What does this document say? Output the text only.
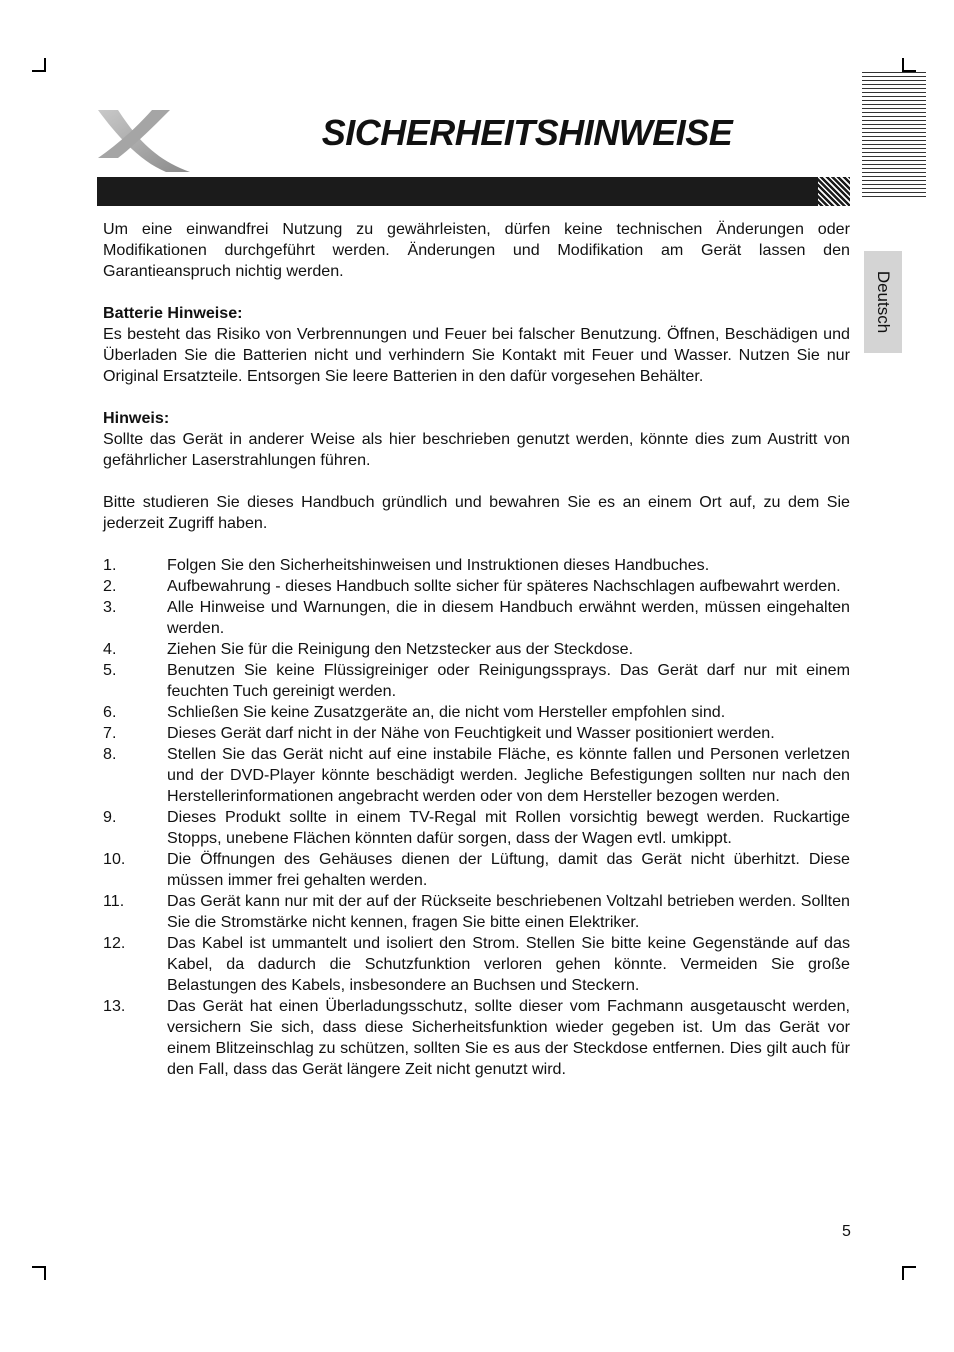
SICHERHEITSHINWEISE
Deutsch

Um eine einwandfrei Nutzung zu gewährleisten, dürfen keine technischen Änderungen oder Modifikationen durchgeführt werden. Änderungen und Modifikation am Gerät lassen den Garantieanspruch nichtig werden.

Batterie Hinweise:

Es besteht das Risiko von Verbrennungen und Feuer bei falscher Benutzung. Öffnen, Beschädigen und Überladen Sie die Batterien nicht und verhindern Sie Kontakt mit Feuer und Wasser. Nutzen Sie nur Original Ersatzteile. Entsorgen Sie leere Batterien in den dafür vorgesehen Behälter.

Hinweis:

Sollte das Gerät in anderer Weise als hier beschrieben genutzt werden, könnte dies zum Austritt von gefährlicher Laserstrahlungen führen.

Bitte studieren Sie dieses Handbuch gründlich und bewahren Sie es an einem Ort auf, zu dem Sie jederzeit Zugriff haben.

1.	Folgen Sie den Sicherheitshinweisen und Instruktionen dieses Handbuches.
2.	Aufbewahrung - dieses Handbuch sollte sicher für späteres Nachschlagen aufbewahrt werden.
3.	Alle Hinweise und Warnungen, die in diesem Handbuch erwähnt werden, müssen eingehalten werden.
4.	Ziehen Sie für die Reinigung den Netzstecker aus der Steckdose.
5.	Benutzen Sie keine Flüssigreiniger oder Reinigungssprays. Das Gerät darf nur mit einem feuchten Tuch gereinigt werden.
6.	Schließen Sie keine Zusatzgeräte an, die nicht vom Hersteller empfohlen sind.
7.	Dieses Gerät darf nicht in der Nähe von Feuchtigkeit und Wasser positioniert werden.
8.	Stellen Sie das Gerät nicht auf eine instabile Fläche, es könnte fallen und Personen verletzen und der DVD-Player könnte beschädigt werden. Jegliche Befestigungen sollten nur nach den Herstellerinformationen angebracht werden oder von dem Hersteller bezogen werden.
9.	Dieses Produkt sollte in einem TV-Regal mit Rollen vorsichtig bewegt werden. Ruckartige Stopps, unebene Flächen könnten dafür sorgen, dass der Wagen evtl. umkippt.
10.	Die Öffnungen des Gehäuses dienen der Lüftung, damit das Gerät nicht überhitzt. Diese müssen immer frei gehalten werden.
11.	Das Gerät kann nur mit der auf der Rückseite beschriebenen Voltzahl betrieben werden. Sollten Sie die Stromstärke nicht kennen, fragen Sie bitte einen Elektriker.
12.	Das Kabel ist ummantelt und isoliert den Strom. Stellen Sie bitte keine Gegenstände auf das Kabel, da dadurch die Schutzfunktion verloren gehen könnte. Vermeiden Sie große Belastungen des Kabels, insbesondere an Buchsen und Steckern.
13.	Das Gerät hat einen Überladungsschutz, sollte dieser vom Fachmann ausgetauscht werden, versichern Sie sich, dass diese Sicherheitsfunktion wieder gegeben ist. Um das Gerät vor einem Blitzeinschlag zu schützen, sollten Sie es aus der Steckdose entfernen. Dies gilt auch für den Fall, dass das Gerät längere Zeit nicht genutzt wird.
5
